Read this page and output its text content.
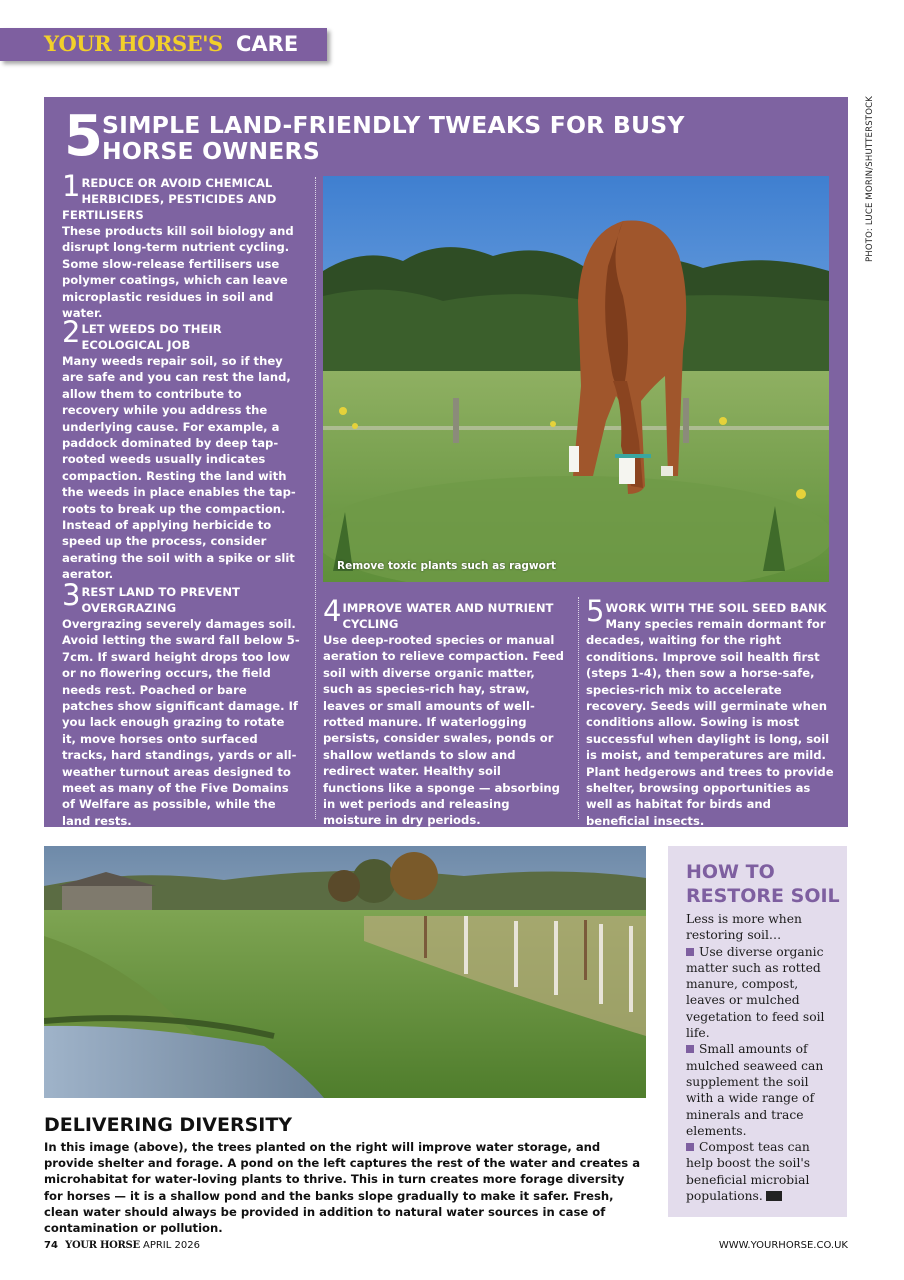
YOUR HORSE'S CARE
PHOTO: LUCE MORIN/SHUTTERSTOCK
5 SIMPLE LAND-FRIENDLY TWEAKS FOR BUSY HORSE OWNERS
1 REDUCE OR AVOID CHEMICAL HERBICIDES, PESTICIDES AND FERTILISERS
These products kill soil biology and disrupt long-term nutrient cycling. Some slow-release fertilisers use polymer coatings, which can leave microplastic residues in soil and water.
2 LET WEEDS DO THEIR ECOLOGICAL JOB
Many weeds repair soil, so if they are safe and you can rest the land, allow them to contribute to recovery while you address the underlying cause. For example, a paddock dominated by deep tap-rooted weeds usually indicates compaction. Resting the land with the weeds in place enables the tap-roots to break up the compaction. Instead of applying herbicide to speed up the process, consider aerating the soil with a spike or slit aerator.
3 REST LAND TO PREVENT OVERGRAZING
Overgrazing severely damages soil. Avoid letting the sward fall below 5-7cm. If sward height drops too low or no flowering occurs, the field needs rest. Poached or bare patches show significant damage. If you lack enough grazing to rotate it, move horses onto surfaced tracks, hard standings, yards or all-weather turnout areas designed to meet as many of the Five Domains of Welfare as possible, while the land rests.
4 IMPROVE WATER AND NUTRIENT CYCLING
Use deep-rooted species or manual aeration to relieve compaction. Feed soil with diverse organic matter, such as species-rich hay, straw, leaves or small amounts of well-rotted manure. If waterlogging persists, consider swales, ponds or shallow wetlands to slow and redirect water. Healthy soil functions like a sponge — absorbing in wet periods and releasing moisture in dry periods.
5 WORK WITH THE SOIL SEED BANK
Many species remain dormant for decades, waiting for the right conditions. Improve soil health first (steps 1-4), then sow a horse-safe, species-rich mix to accelerate recovery. Seeds will germinate when conditions allow. Sowing is most successful when daylight is long, soil is moist, and temperatures are mild. Plant hedgerows and trees to provide shelter, browsing opportunities as well as habitat for birds and beneficial insects.
Remove toxic plants such as ragwort
DELIVERING DIVERSITY
In this image (above), the trees planted on the right will improve water storage, and provide shelter and forage. A pond on the left captures the rest of the water and creates a microhabitat for water-loving plants to thrive. This in turn creates more forage diversity for horses — it is a shallow pond and the banks slope gradually to make it safer. Fresh, clean water should always be provided in addition to natural water sources in case of contamination or pollution.
HOW TO RESTORE SOIL
Less is more when restoring soil…
Use diverse organic matter such as rotted manure, compost, leaves or mulched vegetation to feed soil life.
Small amounts of mulched seaweed can supplement the soil with a wide range of minerals and trace elements.
Compost teas can help boost the soil's beneficial microbial populations.
74 YOUR HORSE APRIL 2026	WWW.YOURHORSE.CO.UK
